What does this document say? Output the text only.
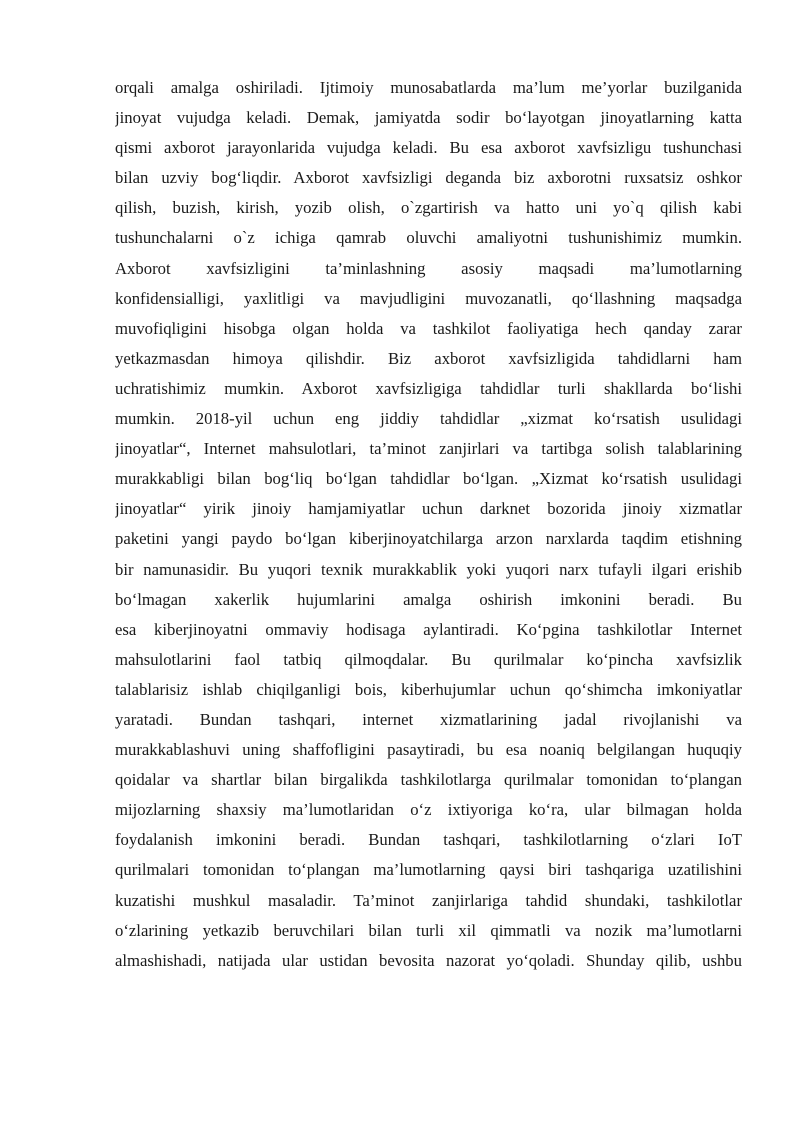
orqali amalga oshiriladi. Ijtimoiy munosabatlarda ma’lum me’yorlar buzilganida
jinoyat vujudga keladi. Demak, jamiyatda sodir bo‘layotgan jinoyatlarning katta
qismi axborot jarayonlarida vujudga keladi. Bu esa axborot xavfsizligu tushunchasi
bilan uzviy bog‘liqdir. Axborot xavfsizligi deganda biz axborotni ruxsatsiz oshkor
qilish, buzish, kirish, yozib olish, o`zgartirish va hatto uni yo`q qilish kabi
tushunchalarni o`z ichiga qamrab oluvchi amaliyotni tushunishimiz mumkin.
Axborot xavfsizligini ta’minlashning asosiy maqsadi ma’lumotlarning
konfidensialligi, yaxlitligi va mavjudligini muvozanatli, qo‘llashning maqsadga
muvofiqligini hisobga olgan holda va tashkilot faoliyatiga hech qanday zarar
yetkazmasdan himoya qilishdir. Biz axborot xavfsizligida tahdidlarni ham
uchratishimiz mumkin. Axborot xavfsizligiga tahdidlar turli shakllarda bo‘lishi
mumkin. 2018-yil uchun eng jiddiy tahdidlar „xizmat ko‘rsatish usulidagi
jinoyatlar“, Internet mahsulotlari, ta’minot zanjirlari va tartibga solish talablarining
murakkabligi bilan bog‘liq bo‘lgan tahdidlar bo‘lgan. „Xizmat ko‘rsatish usulidagi
jinoyatlar“ yirik jinoiy hamjamiyatlar uchun darknet bozorida jinoiy xizmatlar
paketini yangi paydo bo‘lgan kiberjinoyatchilarga arzon narxlarda taqdim etishning
bir namunasidir. Bu yuqori texnik murakkablik yoki yuqori narx tufayli ilgari erishib
bo‘lmagan xakerlik hujumlarini amalga oshirish imkonini beradi. Bu
esa kiberjinoyatni ommaviy hodisaga aylantiradi. Ko‘pgina tashkilotlar Internet
mahsulotlarini faol tatbiq qilmoqdalar. Bu qurilmalar ko‘pincha xavfsizlik
talablarisiz ishlab chiqilganligi bois, kiberhujumlar uchun qo‘shimcha imkoniyatlar
yaratadi. Bundan tashqari, internet xizmatlarining jadal rivojlanishi va
murakkablashuvi uning shaffofligini pasaytiradi, bu esa noaniq belgilangan huquqiy
qoidalar va shartlar bilan birgalikda tashkilotlarga qurilmalar tomonidan to‘plangan
mijozlarning shaxsiy ma’lumotlaridan o‘z ixtiyoriga ko‘ra, ular bilmagan holda
foydalanish imkonini beradi. Bundan tashqari, tashkilotlarning o‘zlari IoT
qurilmalari tomonidan to‘plangan ma’lumotlarning qaysi biri tashqariga uzatilishini
kuzatishi mushkul masaladir. Ta’minot zanjirlariga tahdid shundaki, tashkilotlar
o‘zlarining yetkazib beruvchilari bilan turli xil qimmatli va nozik ma’lumotlarni
almashishadi, natijada ular ustidan bevosita nazorat yo‘qoladi. Shunday qilib, ushbu
